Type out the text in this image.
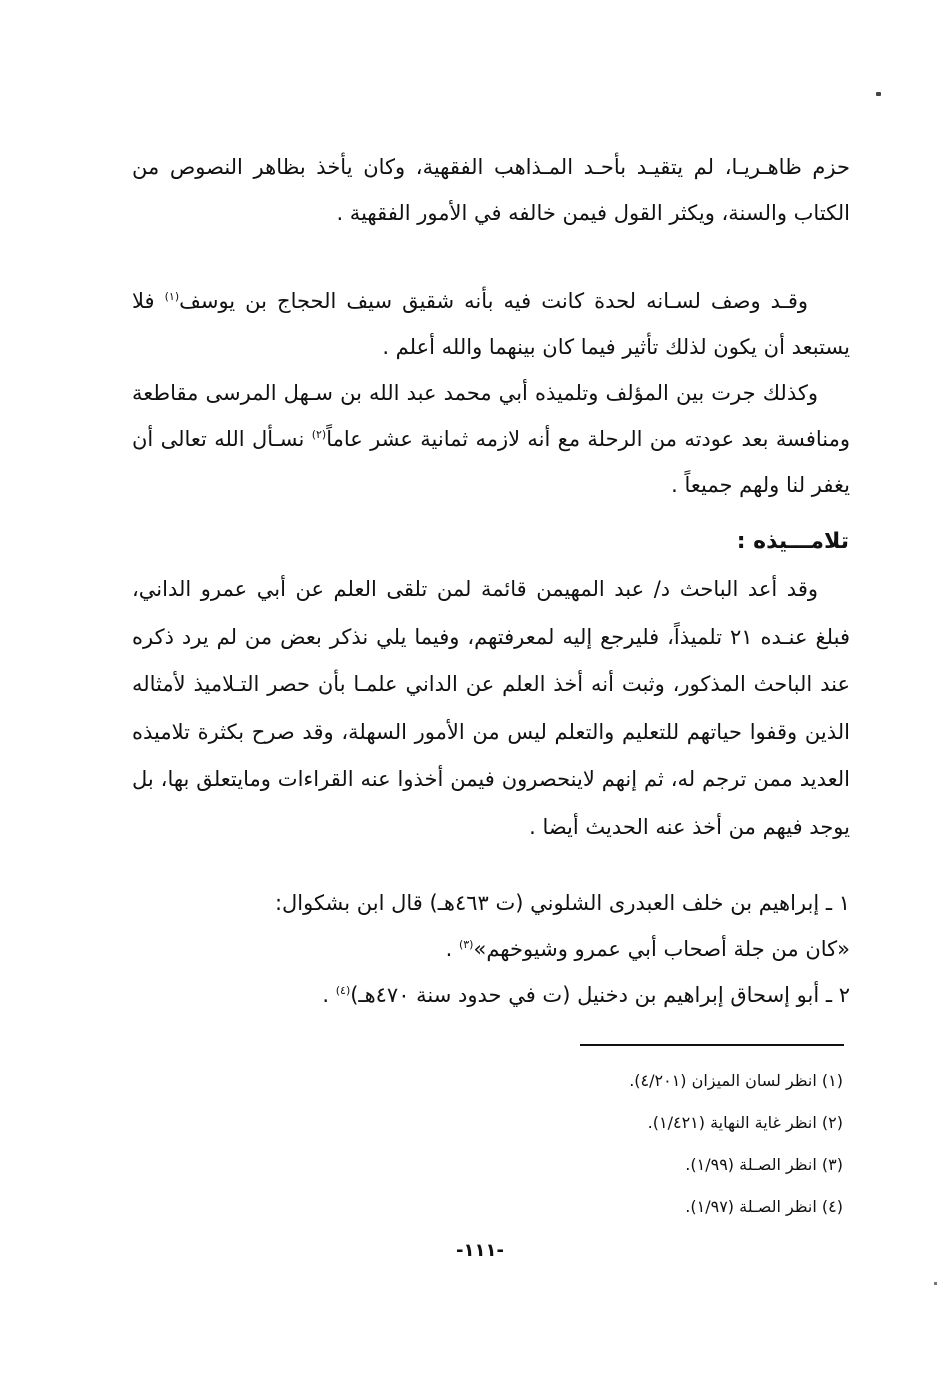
حزم ظاهـريـا، لم يتقيـد بأحـد المـذاهب الفقهية، وكان يأخذ بظاهر النصوص من الكتاب والسنة، ويكثر القول فيمن خالفه في الأمور الفقهية .

وقـد وصف لسـانه لحدة كانت فيه بأنه شقيق سيف الحجاج بن يوسف$^{(١)}$ فلا يستبعد أن يكون لذلك تأثير فيما كان بينهما والله أعلم .

وكذلك جرت بين المؤلف وتلميذه أبي محمد عبد الله بن سـهل المرسى مقاطعة ومنافسة بعد عودته من الرحلة مع أنه لازمه ثمانية عشر عاماً$^{(٢)}$ نسـأل الله تعالى أن يغفر لنا ولهم جميعاً .

تلامـــيذه :

وقد أعد الباحث د/ عبد المهيمن قائمة لمن تلقى العلم عن أبي عمرو الداني، فبلغ عنـده ٢١ تلميذاً، فليرجع إليه لمعرفتهم، وفيما يلي نذكر بعض من لم يرد ذكره عند الباحث المذكور، وثبت أنه أخذ العلم عن الداني علمـا بأن حصر التـلاميذ لأمثاله الذين وقفوا حياتهم للتعليم والتعلم ليس من الأمور السهلة، وقد صرح بكثرة تلاميذه العديد ممن ترجم له، ثم إنهم لاينحصرون فيمن أخذوا عنه القراءات ومايتعلق بها، بل يوجد فيهم من أخذ عنه الحديث أيضا .

١ ـ إبراهيم بن خلف العبدرى الشلوني (ت ٤٦٣هـ) قال ابن بشكوال:
«كان من جلة أصحاب أبي عمرو وشيوخهم»$^{(٣)}$ .
٢ ـ أبو إسحاق إبراهيم بن دخنيل (ت في حدود سنة ٤٧٠هـ)$^{(٤)}$ .
(١) انظر لسان الميزان (٤/٢٠١).
(٢) انظر غاية النهاية (١/٤٢١).
(٣) انظر الصـلة (١/٩٩).
(٤) انظر الصـلة (١/٩٧).
-١١١-
